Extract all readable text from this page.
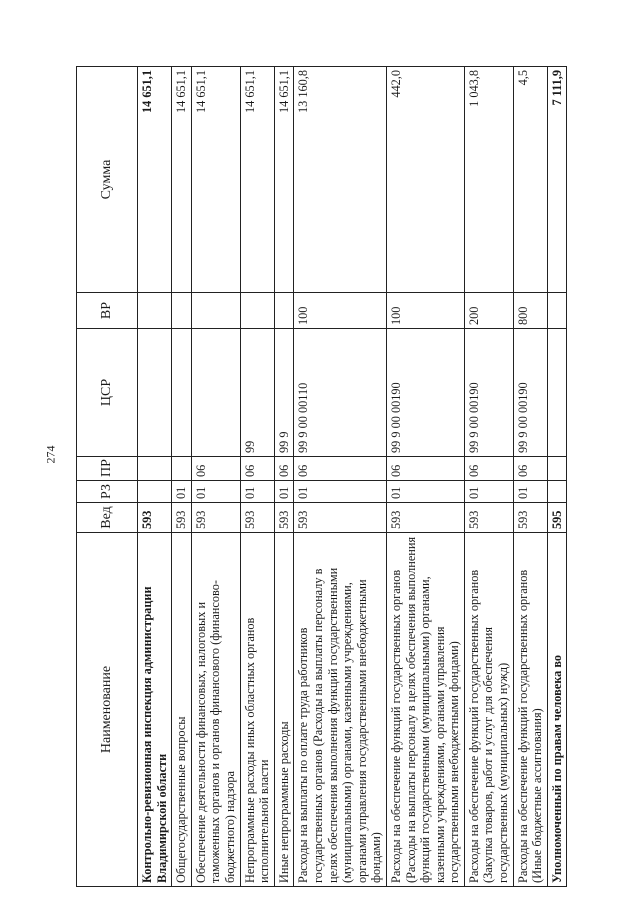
274
Наименование	Вед	РЗ	ПР	ЦСР	ВР	Сумма
Контрольно-ревизионная инспекция администрации Владимирской области	593					14 651,1
Общегосударственные вопросы	593	01				14 651,1
Обеспечение деятельности финансовых, налоговых и таможенных органов и органов финансового (финансово-бюджетного) надзора	593	01	06			14 651,1
Непрограммные расходы иных областных органов исполнительной власти	593	01	06	99		14 651,1
Иные непрограммные расходы	593	01	06	99 9		14 651,1
Расходы на выплаты по оплате труда работников государственных органов (Расходы на выплаты персоналу в целях обеспечения выполнения функций государственными (муниципальными) органами, казенными учреждениями, органами управления государственными внебюджетными фондами)	593	01	06	99 9 00 00110	100	13 160,8
Расходы на обеспечение функций государственных органов (Расходы на выплаты персоналу в целях обеспечения выполнения функций государственными (муниципальными) органами, казенными учреждениями, органами управления государственными внебюджетными фондами)	593	01	06	99 9 00 00190	100	442,0
Расходы на обеспечение функций государственных органов (Закупка товаров, работ и услуг для обеспечения государственных (муниципальных) нужд)	593	01	06	99 9 00 00190	200	1 043,8
Расходы на обеспечение функций государственных органов (Иные бюджетные ассигнования)	593	01	06	99 9 00 00190	800	4,5
Уполномоченный по правам человека во	595					7 111,9
